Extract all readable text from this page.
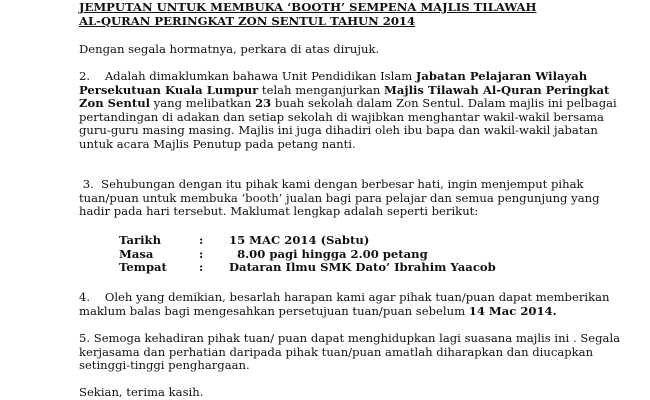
JEMPUTAN UNTUK MEMBUKA ‘BOOTH’ SEMPENA MAJLIS TILAWAH AL-QURAN PERINGKAT ZON SENTUL TAHUN 2014

Dengan segala hormatnya, perkara di atas dirujuk.

2. Adalah dimaklumkan bahawa Unit Pendidikan Islam Jabatan Pelajaran Wilayah Persekutuan Kuala Lumpur telah menganjurkan Majlis Tilawah Al-Quran Peringkat Zon Sentul yang melibatkan 23 buah sekolah dalam Zon Sentul. Dalam majlis ini pelbagai pertandingan di adakan dan setiap sekolah di wajibkan menghantar wakil-wakil bersama guru-guru masing masing. Majlis ini juga dihadiri oleh ibu bapa dan wakil-wakil jabatan untuk acara Majlis Penutup pada petang nanti.

3. Sehubungan dengan itu pihak kami dengan berbesar hati, ingin menjemput pihak tuan/puan untuk membuka ‘booth’ jualan bagi para pelajar dan semua pengunjung yang hadir pada hari tersebut. Maklumat lengkap adalah seperti berikut:

Tarikh	: 15 MAC 2014 (Sabtu)
Masa	:  8.00 pagi hingga 2.00 petang
Tempat	: Dataran Ilmu SMK Dato’ Ibrahim Yaacob

4. Oleh yang demikian, besarlah harapan kami agar pihak tuan/puan dapat memberikan maklum balas bagi mengesahkan persetujuan tuan/puan sebelum 14 Mac 2014.

5. Semoga kehadiran pihak tuan/ puan dapat menghidupkan lagi suasana majlis ini . Segala kerjasama dan perhatian daripada pihak tuan/puan amatlah diharapkan dan diucapkan setinggi-tinggi penghargaan.

Sekian, terima kasih.
